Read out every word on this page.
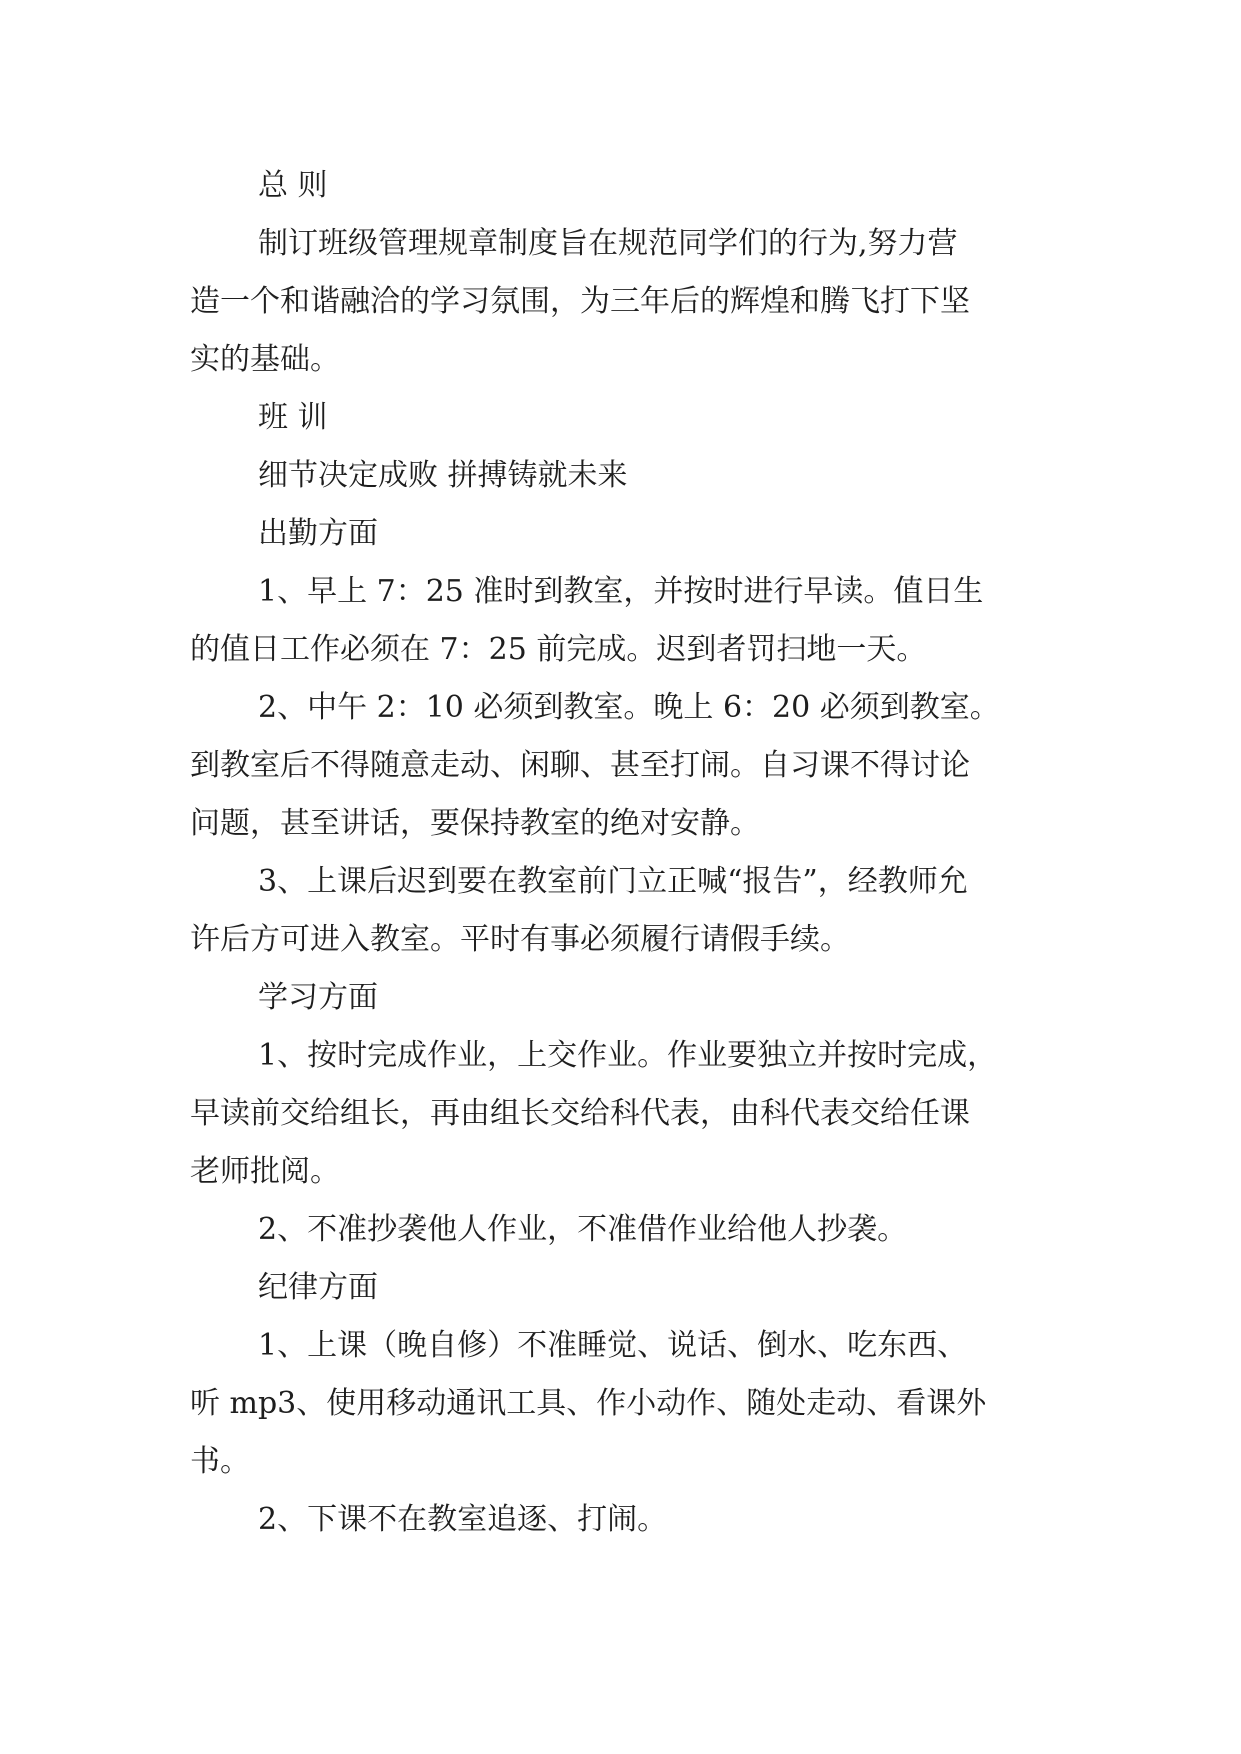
总 则

制订班级管理规章制度旨在规范同学们的行为,努力营

造一个和谐融洽的学习氛围，为三年后的辉煌和腾飞打下坚

实的基础。

班 训

细节决定成败 拼搏铸就未来

出勤方面

1、早上 7：25 准时到教室，并按时进行早读。值日生

的值日工作必须在 7：25 前完成。迟到者罚扫地一天。

2、中午 2：10 必须到教室。晚上 6：20 必须到教室。

到教室后不得随意走动、闲聊、甚至打闹。自习课不得讨论

问题，甚至讲话，要保持教室的绝对安静。

3、上课后迟到要在教室前门立正喊“报告”，经教师允

许后方可进入教室。平时有事必须履行请假手续。

学习方面

1、按时完成作业，上交作业。作业要独立并按时完成，

早读前交给组长，再由组长交给科代表，由科代表交给任课

老师批阅。

2、不准抄袭他人作业，不准借作业给他人抄袭。

纪律方面

1、上课（晚自修）不准睡觉、说话、倒水、吃东西、

听 mp3、使用移动通讯工具、作小动作、随处走动、看课外

书。

2、下课不在教室追逐、打闹。
